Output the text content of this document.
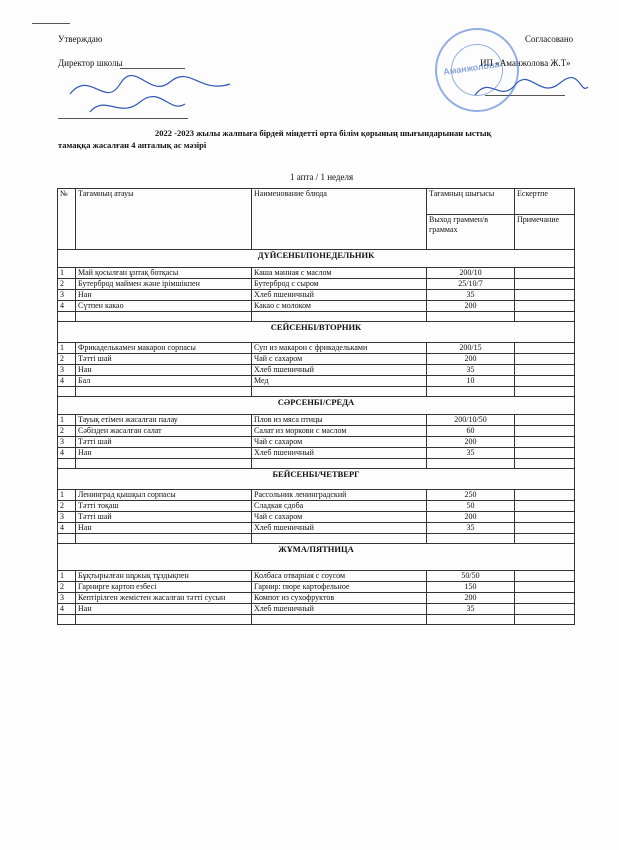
Утверждаю	Согласовано
Директор школы	ИП «Аманжолова Ж.Т»
Аманжолова
2022 -2023 жылы жалпыға бірдей міндетті орта білім қорының шығындарынан ыстық
тамаққа жасалған 4 апталық ас мәзірі
1 апта / 1 неделя
№	Тағамның атауы	Наименование блюда	Тағамның шығысы	Ескертпе
			Выход граммен/в граммах	Примечание
ДҮЙСЕНБІ/ПОНЕДЕЛЬНИК				
1	Май қосылған ұнтақ ботқасы	Каша манная с маслом	200/10	
2	Бутерброд маймен және ірімшікпен	Бутерброд с сыром	25/10/7	
3	Нан	Хлеб пшеничный	35	
4	Сүтпен какао	Какао с молоком	200	

СЕЙСЕНБІ/ВТОРНИК				
1	Фрикаделькамен макарон сорпасы	Суп из макарон с фрикадельками	200/15	
2	Тәтті шай	Чай с сахаром	200	
3	Нан	Хлеб пшеничный	35	
4	Бал	Мед	10	

СӘРСЕНБІ/СРЕДА				
1	Тауық етімен жасалған палау	Плов из мяса птицы	200/10/50	
2	Сәбізден жасалған салат	Салат из моркови с маслом	60	
3	Тәтті шай	Чай с сахаром	200	
4	Нан	Хлеб пшеничный	35	

БЕЙСЕНБІ/ЧЕТВЕРГ				
1	Ленинград қышқыл сорпасы	Рассольник ленинградский	250	
2	Тәтті тоқаш	Сладкая сдоба	50	
3	Тәтті шай	Чай с сахаром	200	
4	Нан	Хлеб пшеничный	35	

ЖҰМА/ПЯТНИЦА				
1	Бұқтырылған шұжық тұздықпен	Колбаса отварная с соусом	50/50	
2	Гарнирге картоп езбесі	Гарнир: пюре картофельное	150	
3	Кептірілген жемістен жасалған тәтті сусын	Компот из сухофруктов	200	
4	Нан	Хлеб пшеничный	35	
